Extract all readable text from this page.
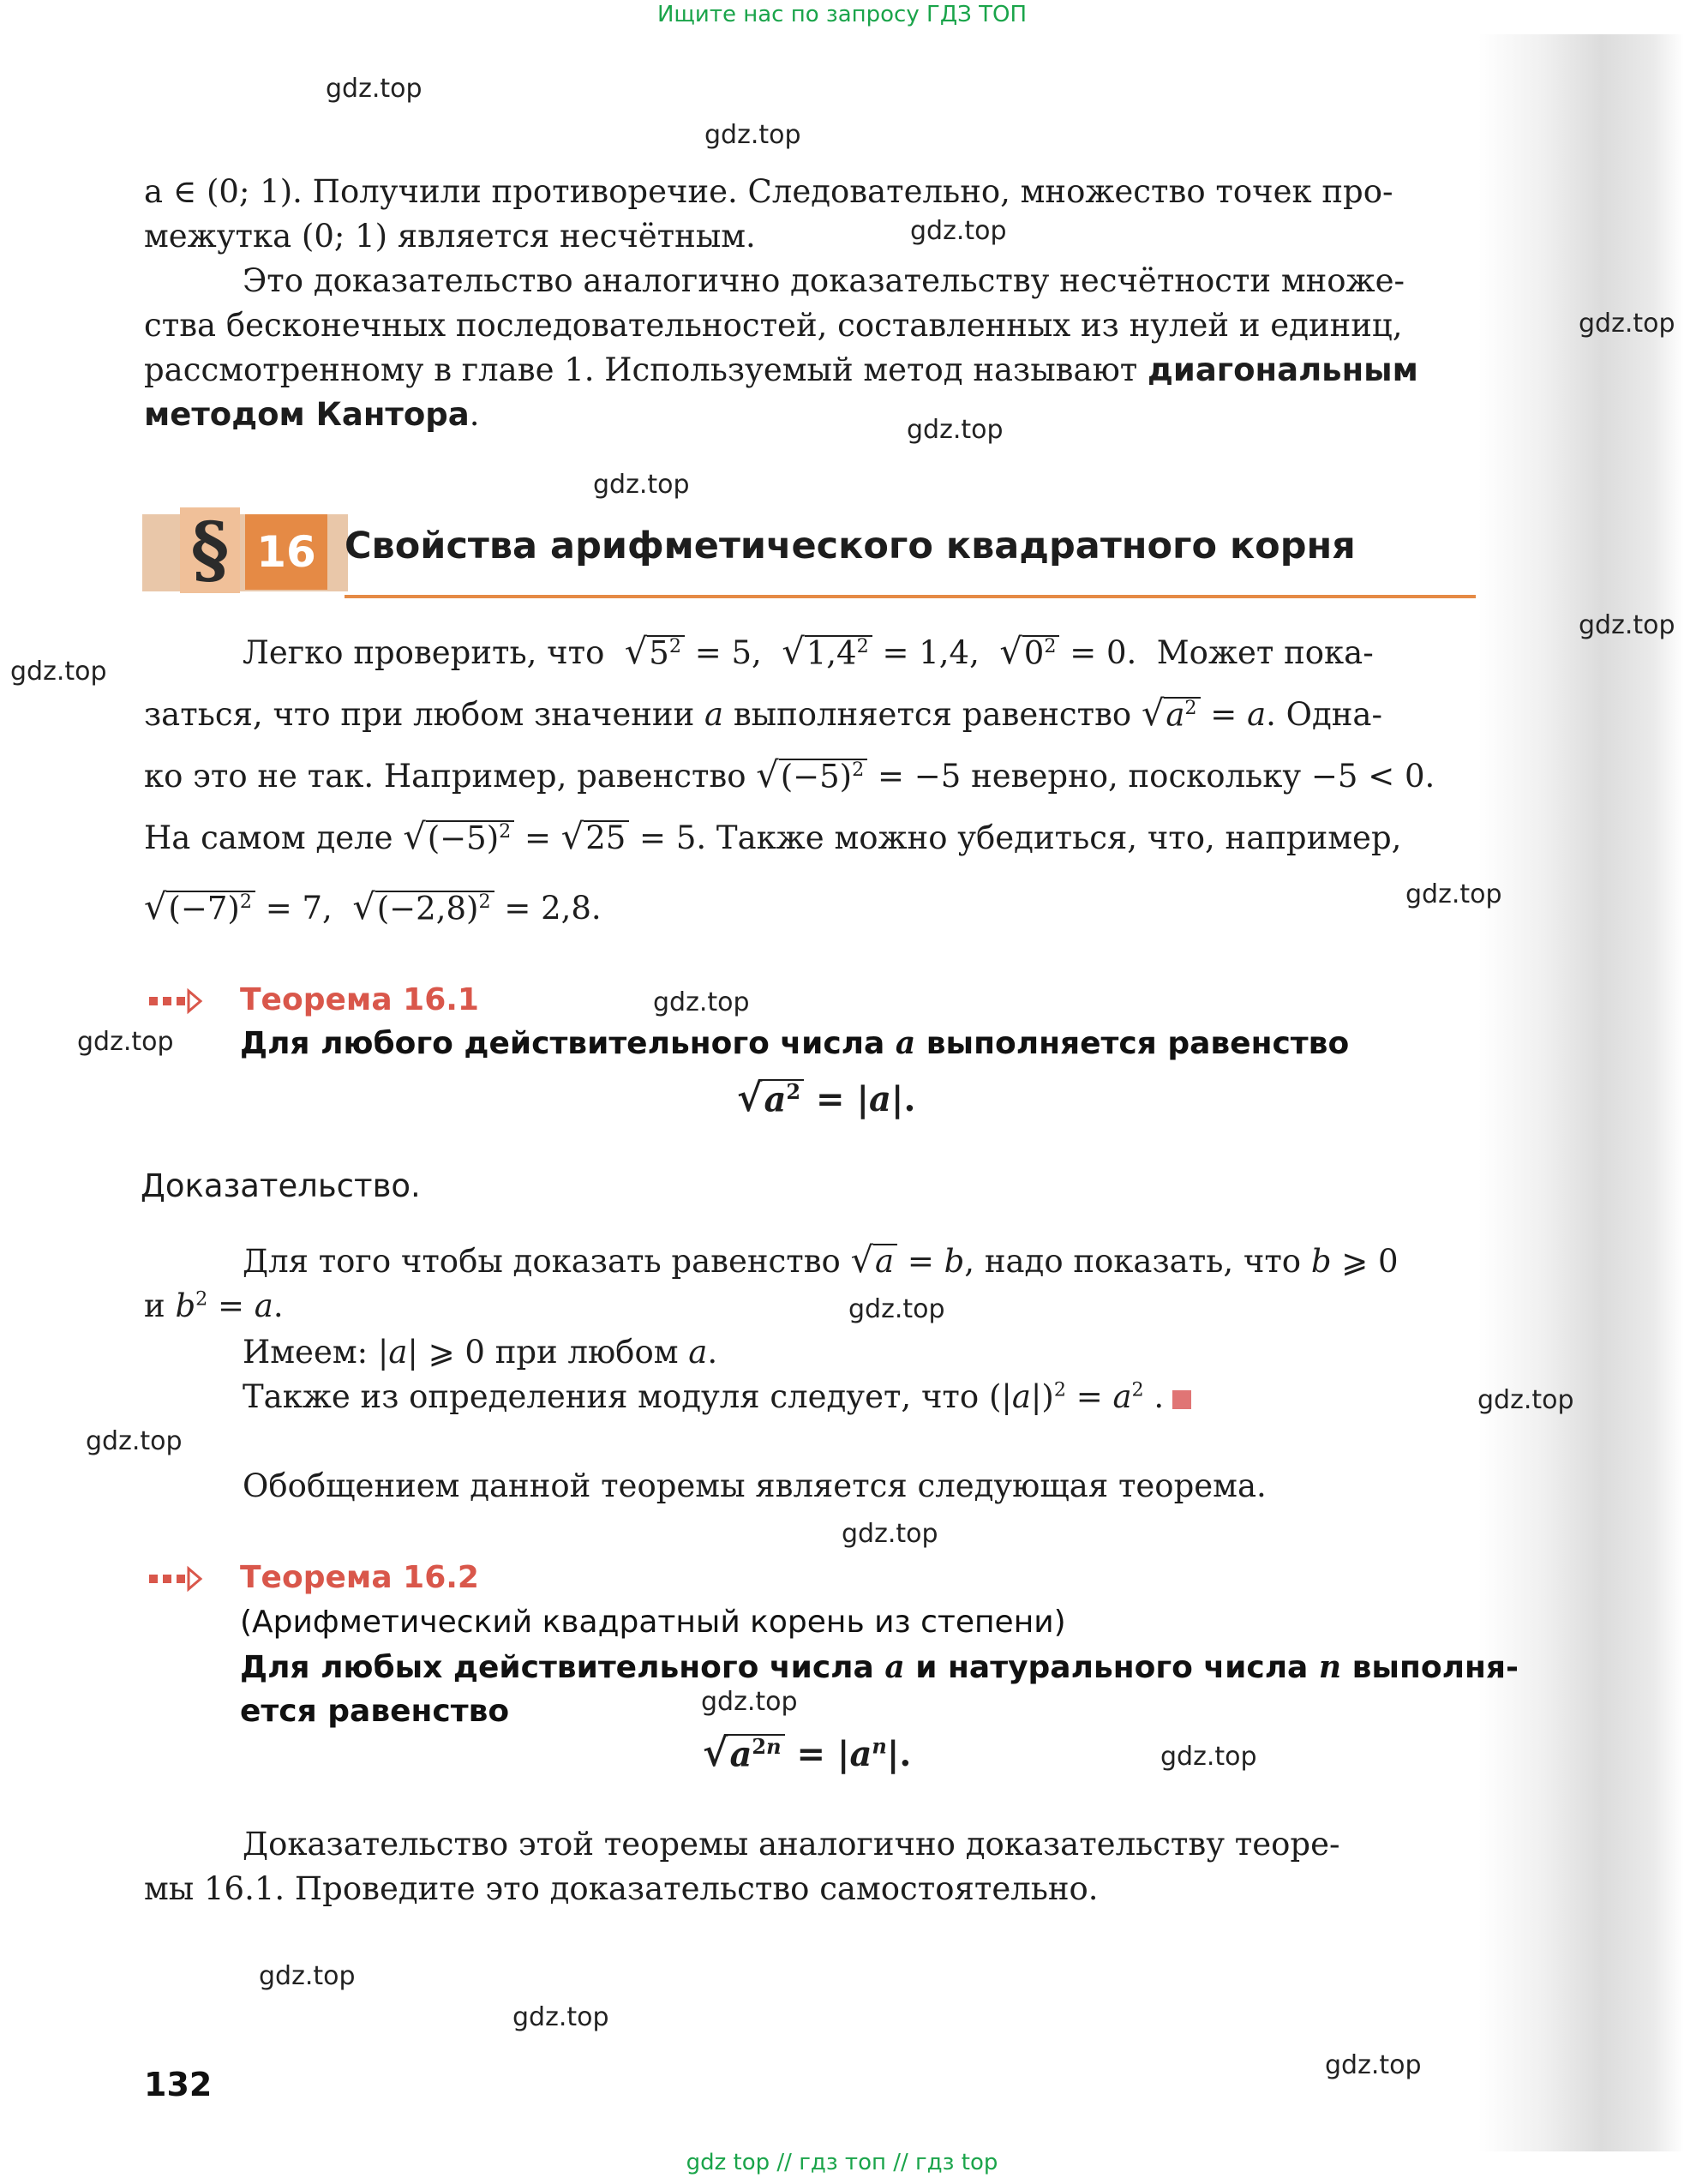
Ищите нас по запросу ГДЗ ТОП
gdz.top
gdz.top
gdz.top
gdz.top
gdz.top
gdz.top
gdz.top
gdz.top
gdz.top
gdz.top
gdz.top
gdz.top
gdz.top
gdz.top
gdz.top
gdz.top
gdz.top
gdz.top
gdz.top
gdz.top
a ∈ (0; 1). Получили противоречие. Следовательно, множество точек про-
межутка (0; 1) является несчётным.
Это доказательство аналогично доказательству несчётности множе-
ства бесконечных последовательностей, составленных из нулей и единиц,
рассмотренному в главе 1. Используемый метод называют диагональным
методом Кантора.
§ 16 Свойства арифметического квадратного корня
Легко проверить, что $√5^2 = 5$,  $√1,4^2 = 1,4$,  $√0^2 = 0$. Может пока-
заться, что при любом значении a выполняется равенство $√a^2 = a$. Одна-
ко это не так. Например, равенство $√(-5)^2 = -5$ неверно, поскольку −5 < 0.
На самом деле $√(-5)^2 = √25 = 5$. Также можно убедиться, что, например,
$√(-7)^2 = 7$,  $√(-2,8)^2 = 2,8$.
Теорема 16.1
Для любого действительного числа a выполняется равенство
$√a^2 = |a|$.
Доказательство.
Для того чтобы доказать равенство √a = b, надо показать, что b ⩾ 0
и $b^2 = a$.
Имеем: |a| ⩾ 0 при любом a.
Также из определения модуля следует, что $(|a|)^2 = a^2$ .
Обобщением данной теоремы является следующая теорема.
Теорема 16.2
(Арифметический квадратный корень из степени)
Для любых действительного числа a и натурального числа n выполня-
ется равенство
$√a^{2n} = |a^n|$.
Доказательство этой теоремы аналогично доказательству теоре-
мы 16.1. Проведите это доказательство самостоятельно.
132
gdz top // гдз топ // гдз top
